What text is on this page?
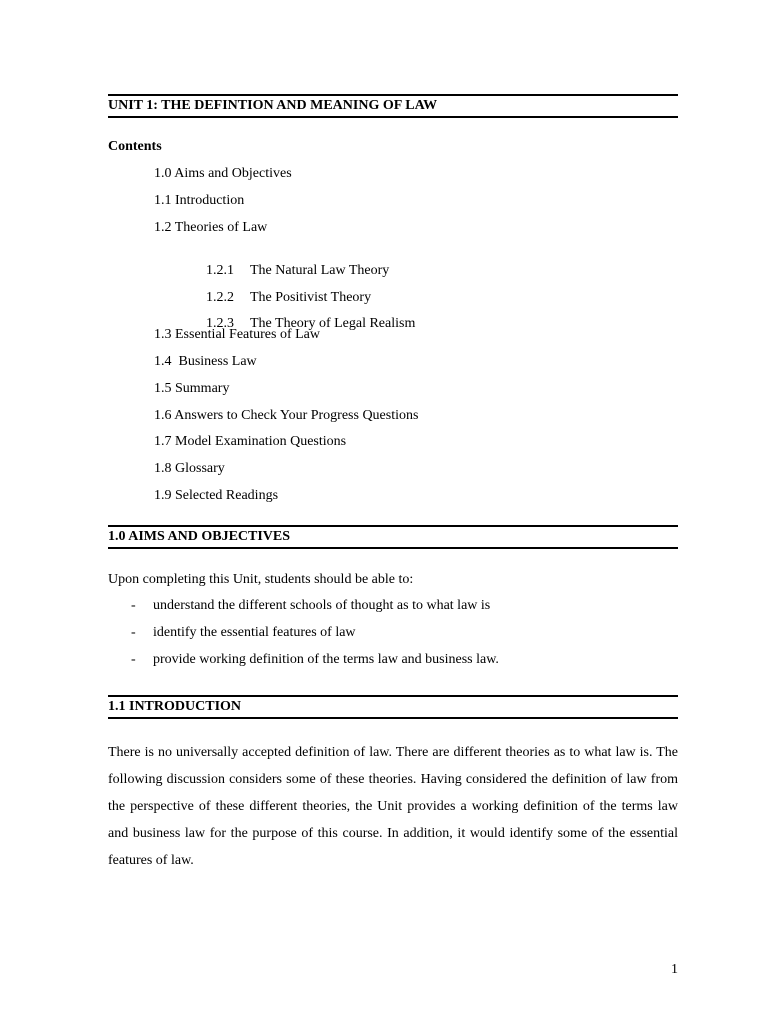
UNIT 1: THE DEFINTION AND MEANING OF LAW
Contents
1.0 Aims and Objectives
1.1 Introduction
1.2 Theories of Law

1.2.1 The Natural Law Theory

1.2.2 The Positivist Theory

1.2.3 The Theory of Legal Realism

1.3 Essential Features of Law
1.4  Business Law
1.5 Summary
1.6 Answers to Check Your Progress Questions
1.7 Model Examination Questions
1.8 Glossary
1.9 Selected Readings
1.0 AIMS AND OBJECTIVES
Upon completing this Unit, students should be able to:
- understand the different schools of thought as to what law is
- identify the essential features of law
- provide working definition of the terms law and business law.
1.1 INTRODUCTION
There is no universally accepted definition of law. There are different theories as to what law is. The following discussion considers some of these theories. Having considered the definition of law from the perspective of these different theories, the Unit provides a working definition of the terms law and business law for the purpose of this course. In addition, it would identify some of the essential features of law.
1
